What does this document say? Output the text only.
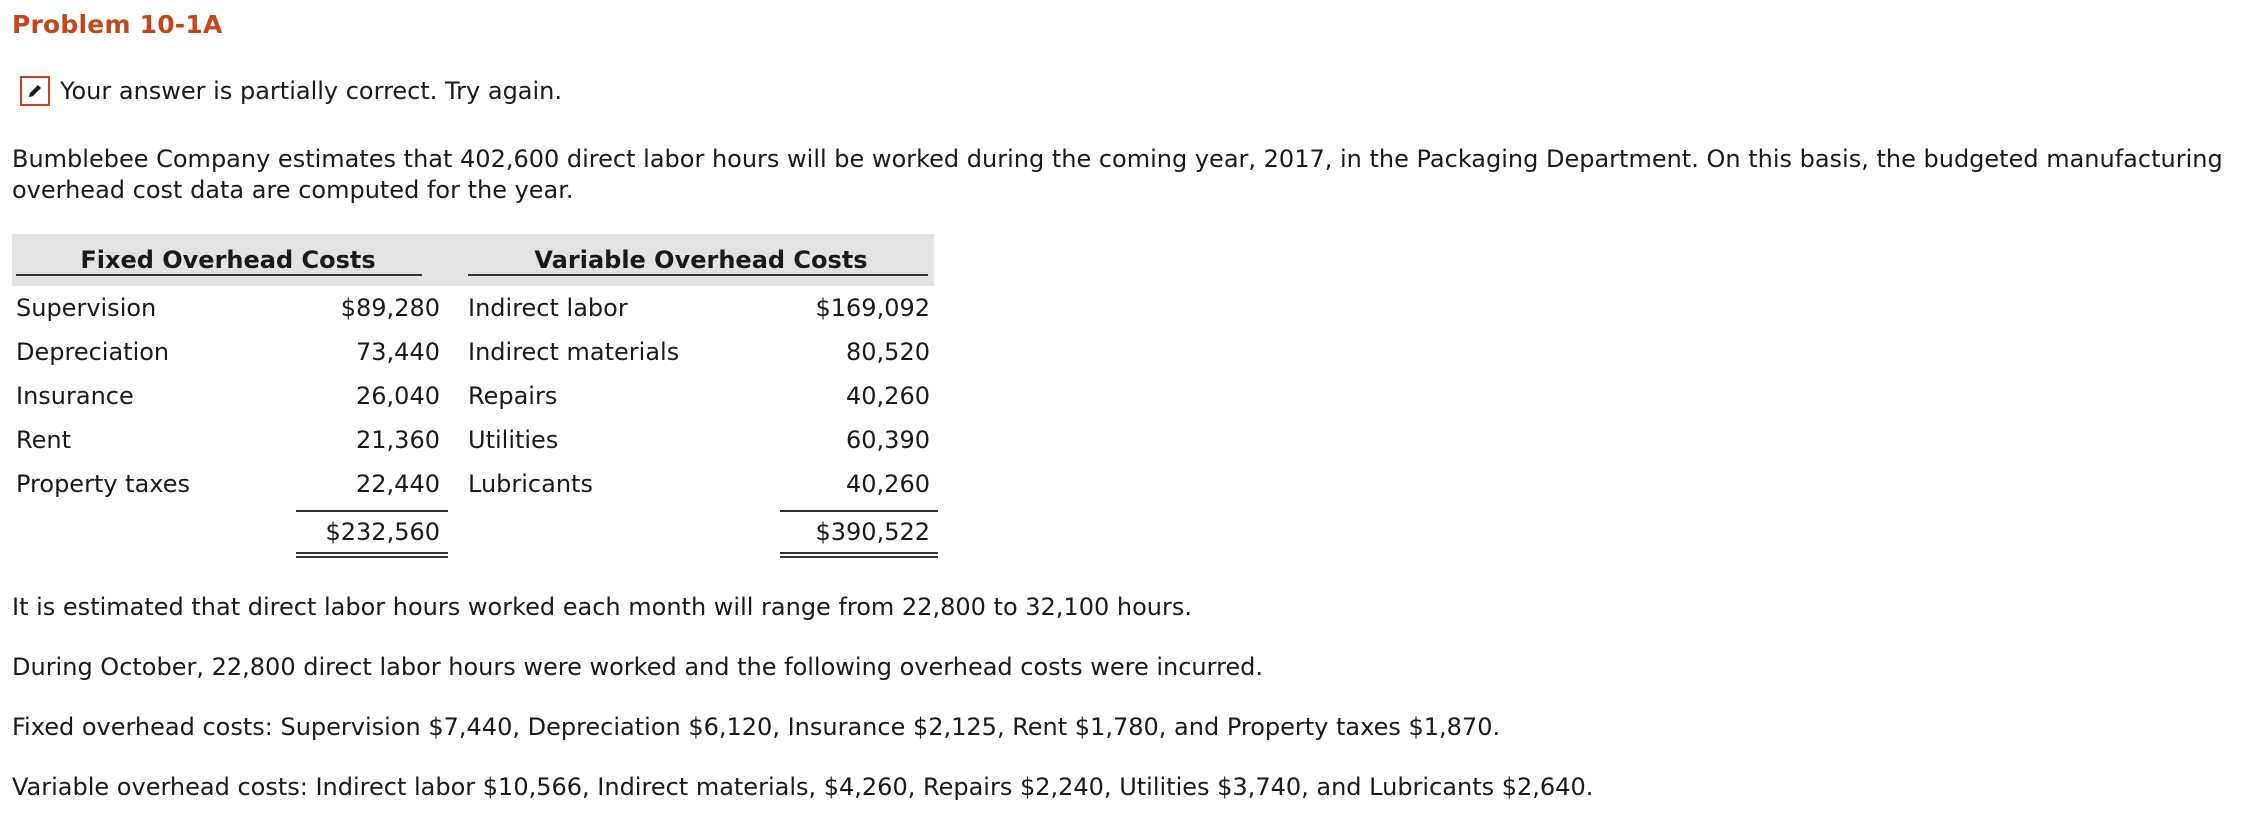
Problem 10-1A
Your answer is partially correct. Try again.
Bumblebee Company estimates that 402,600 direct labor hours will be worked during the coming year, 2017, in the Packaging Department. On this basis, the budgeted manufacturing overhead cost data are computed for the year.
Fixed Overhead Costs			Variable Overhead Costs	

Supervision	$89,280		Indirect labor	$169,092
Depreciation	73,440		Indirect materials	80,520
Insurance	26,040		Repairs	40,260
Rent	21,360		Utilities	60,390
Property taxes	22,440		Lubricants	40,260

$232,560			$390,522
It is estimated that direct labor hours worked each month will range from 22,800 to 32,100 hours.
During October, 22,800 direct labor hours were worked and the following overhead costs were incurred.
Fixed overhead costs: Supervision $7,440, Depreciation $6,120, Insurance $2,125, Rent $1,780, and Property taxes $1,870.
Variable overhead costs: Indirect labor $10,566, Indirect materials, $4,260, Repairs $2,240, Utilities $3,740, and Lubricants $2,640.
